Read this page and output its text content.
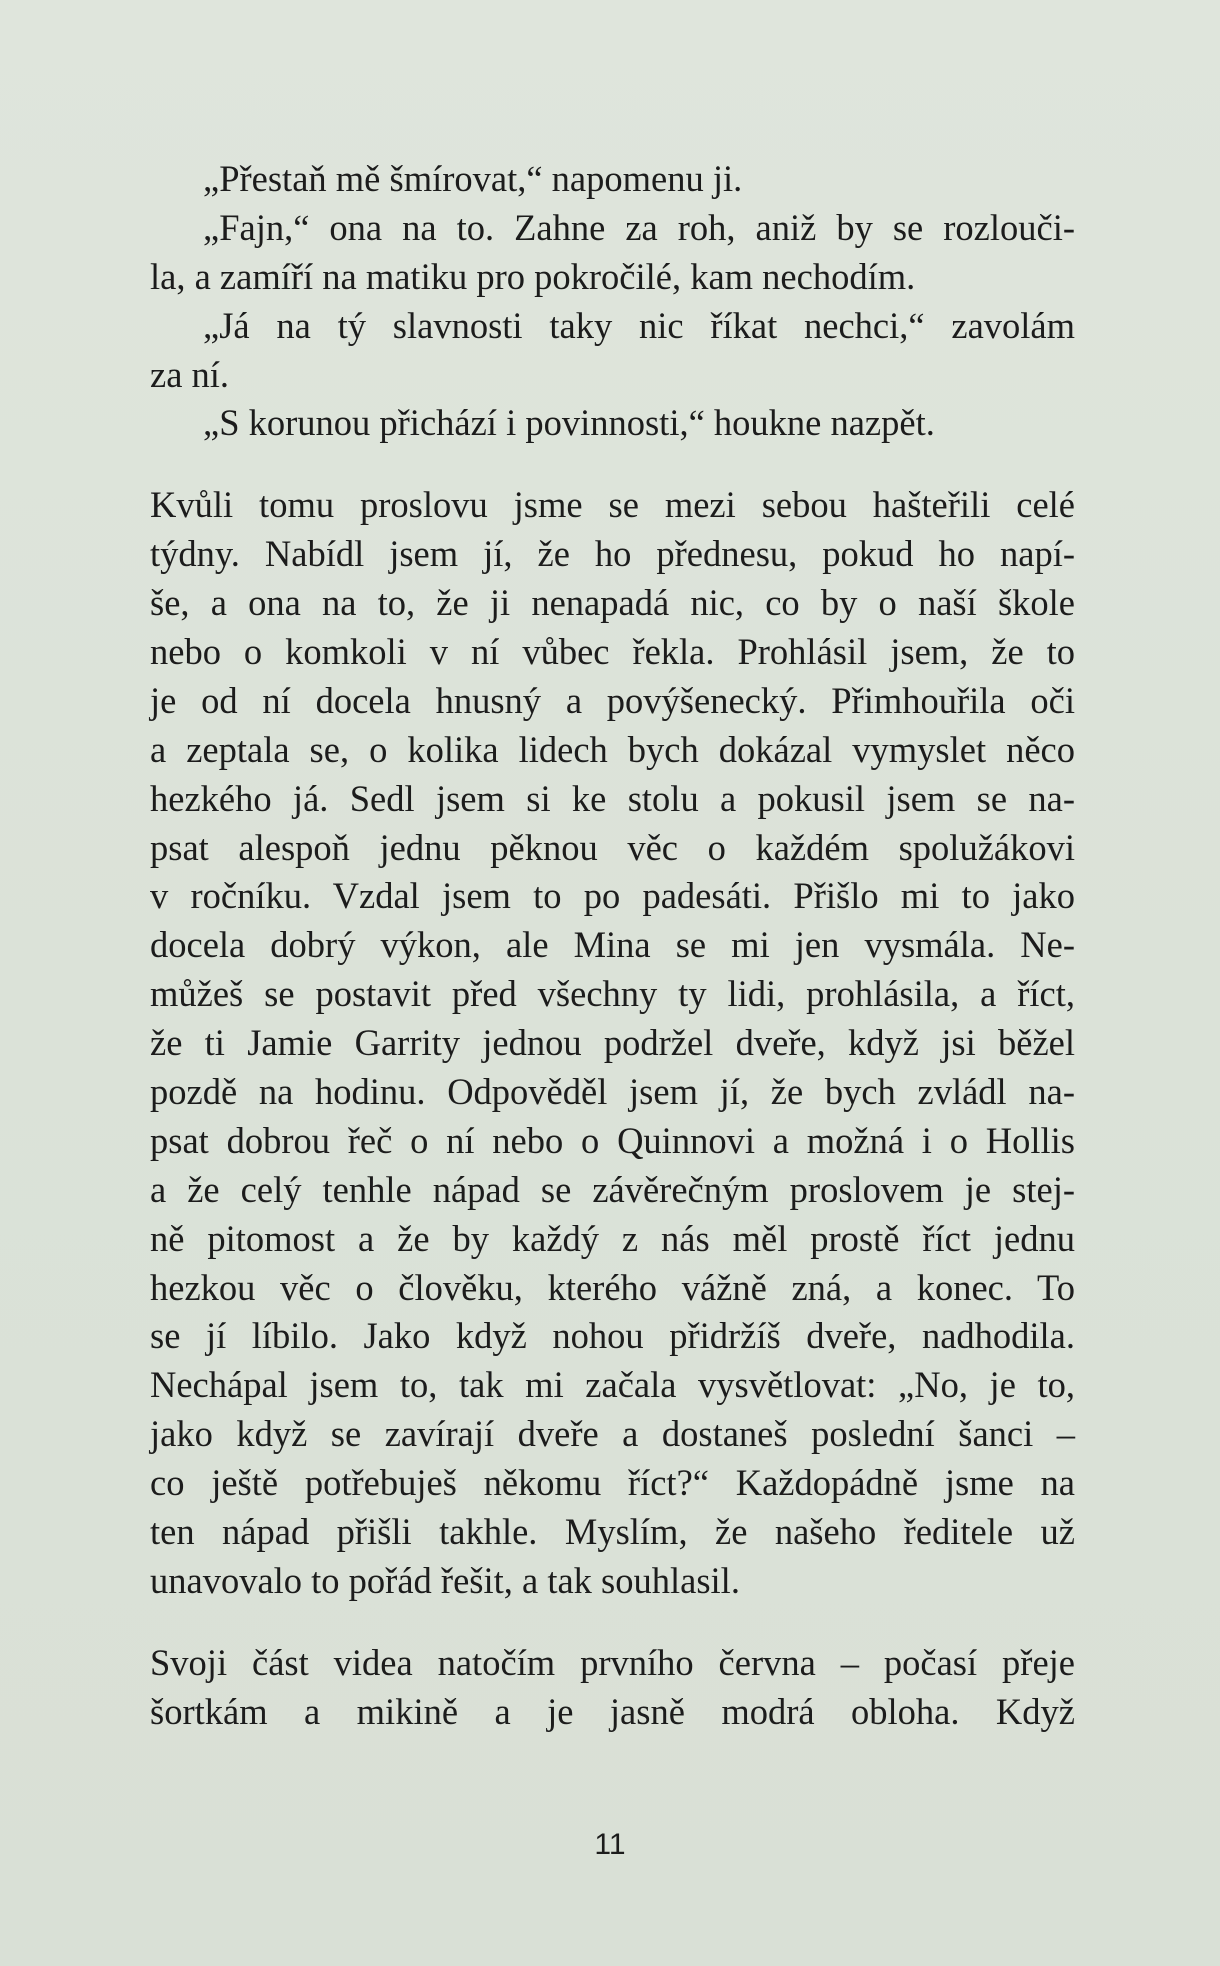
„Přestaň mě šmírovat,“ napomenu ji.
„Fajn,“ ona na to. Zahne za roh, aniž by se rozlouči-
la, a zamíří na matiku pro pokročilé, kam nechodím.
„Já na tý slavnosti taky nic říkat nechci,“ zavolám
za ní.
„S korunou přichází i povinnosti,“ houkne nazpět.
Kvůli tomu proslovu jsme se mezi sebou hašteřili celé
týdny. Nabídl jsem jí, že ho přednesu, pokud ho napí-
še, a ona na to, že ji nenapadá nic, co by o naší škole
nebo o komkoli v ní vůbec řekla. Prohlásil jsem, že to
je od ní docela hnusný a povýšenecký. Přimhouřila oči
a zeptala se, o kolika lidech bych dokázal vymyslet něco
hezkého já. Sedl jsem si ke stolu a pokusil jsem se na-
psat alespoň jednu pěknou věc o každém spolužákovi
v ročníku. Vzdal jsem to po padesáti. Přišlo mi to jako
docela dobrý výkon, ale Mina se mi jen vysmála. Ne-
můžeš se postavit před všechny ty lidi, prohlásila, a říct,
že ti Jamie Garrity jednou podržel dveře, když jsi běžel
pozdě na hodinu. Odpověděl jsem jí, že bych zvládl na-
psat dobrou řeč o ní nebo o Quinnovi a možná i o Hollis
a že celý tenhle nápad se závěrečným proslovem je stej-
ně pitomost a že by každý z nás měl prostě říct jednu
hezkou věc o člověku, kterého vážně zná, a konec. To
se jí líbilo. Jako když nohou přidržíš dveře, nadhodila.
Nechápal jsem to, tak mi začala vysvětlovat: „No, je to,
jako když se zavírají dveře a dostaneš poslední šanci –
co ještě potřebuješ někomu říct?“ Každopádně jsme na
ten nápad přišli takhle. Myslím, že našeho ředitele už
unavovalo to pořád řešit, a tak souhlasil.
Svoji část videa natočím prvního června – počasí přeje
šortkám a mikině a je jasně modrá obloha. Když
11
